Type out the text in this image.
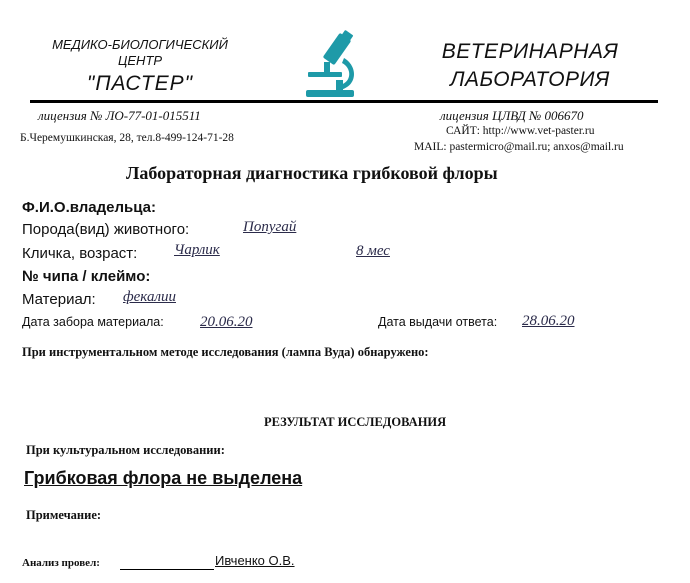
МЕДИКО-БИОЛОГИЧЕСКИЙ
ЦЕНТР
"ПАСТЕР"
ВЕТЕРИНАРНАЯ
ЛАБОРАТОРИЯ
лицензия № ЛО-77-01-015511
Б.Черемушкинская, 28, тел.8-499-124-71-28
лицензия ЦЛВД № 006670
САЙТ: http://www.vet-paster.ru
MAIL: pastermicro@mail.ru; anxos@mail.ru
Лабораторная диагностика грибковой флоры
Ф.И.О.владельца:
Порода(вид) животного:	Попугай
Кличка, возраст: Чарлик	8 мес
№ чипа / клеймо:
Материал: фекалии
Дата забора материала: 20.06.20	Дата выдачи ответа: 28.06.20
При инструментальном методе исследования (лампа Вуда) обнаружено:
РЕЗУЛЬТАТ ИССЛЕДОВАНИЯ
При культуральном исследовании:
Грибковая флора не выделена
Примечание:
Анализ провел:	Ивченко О.В.
